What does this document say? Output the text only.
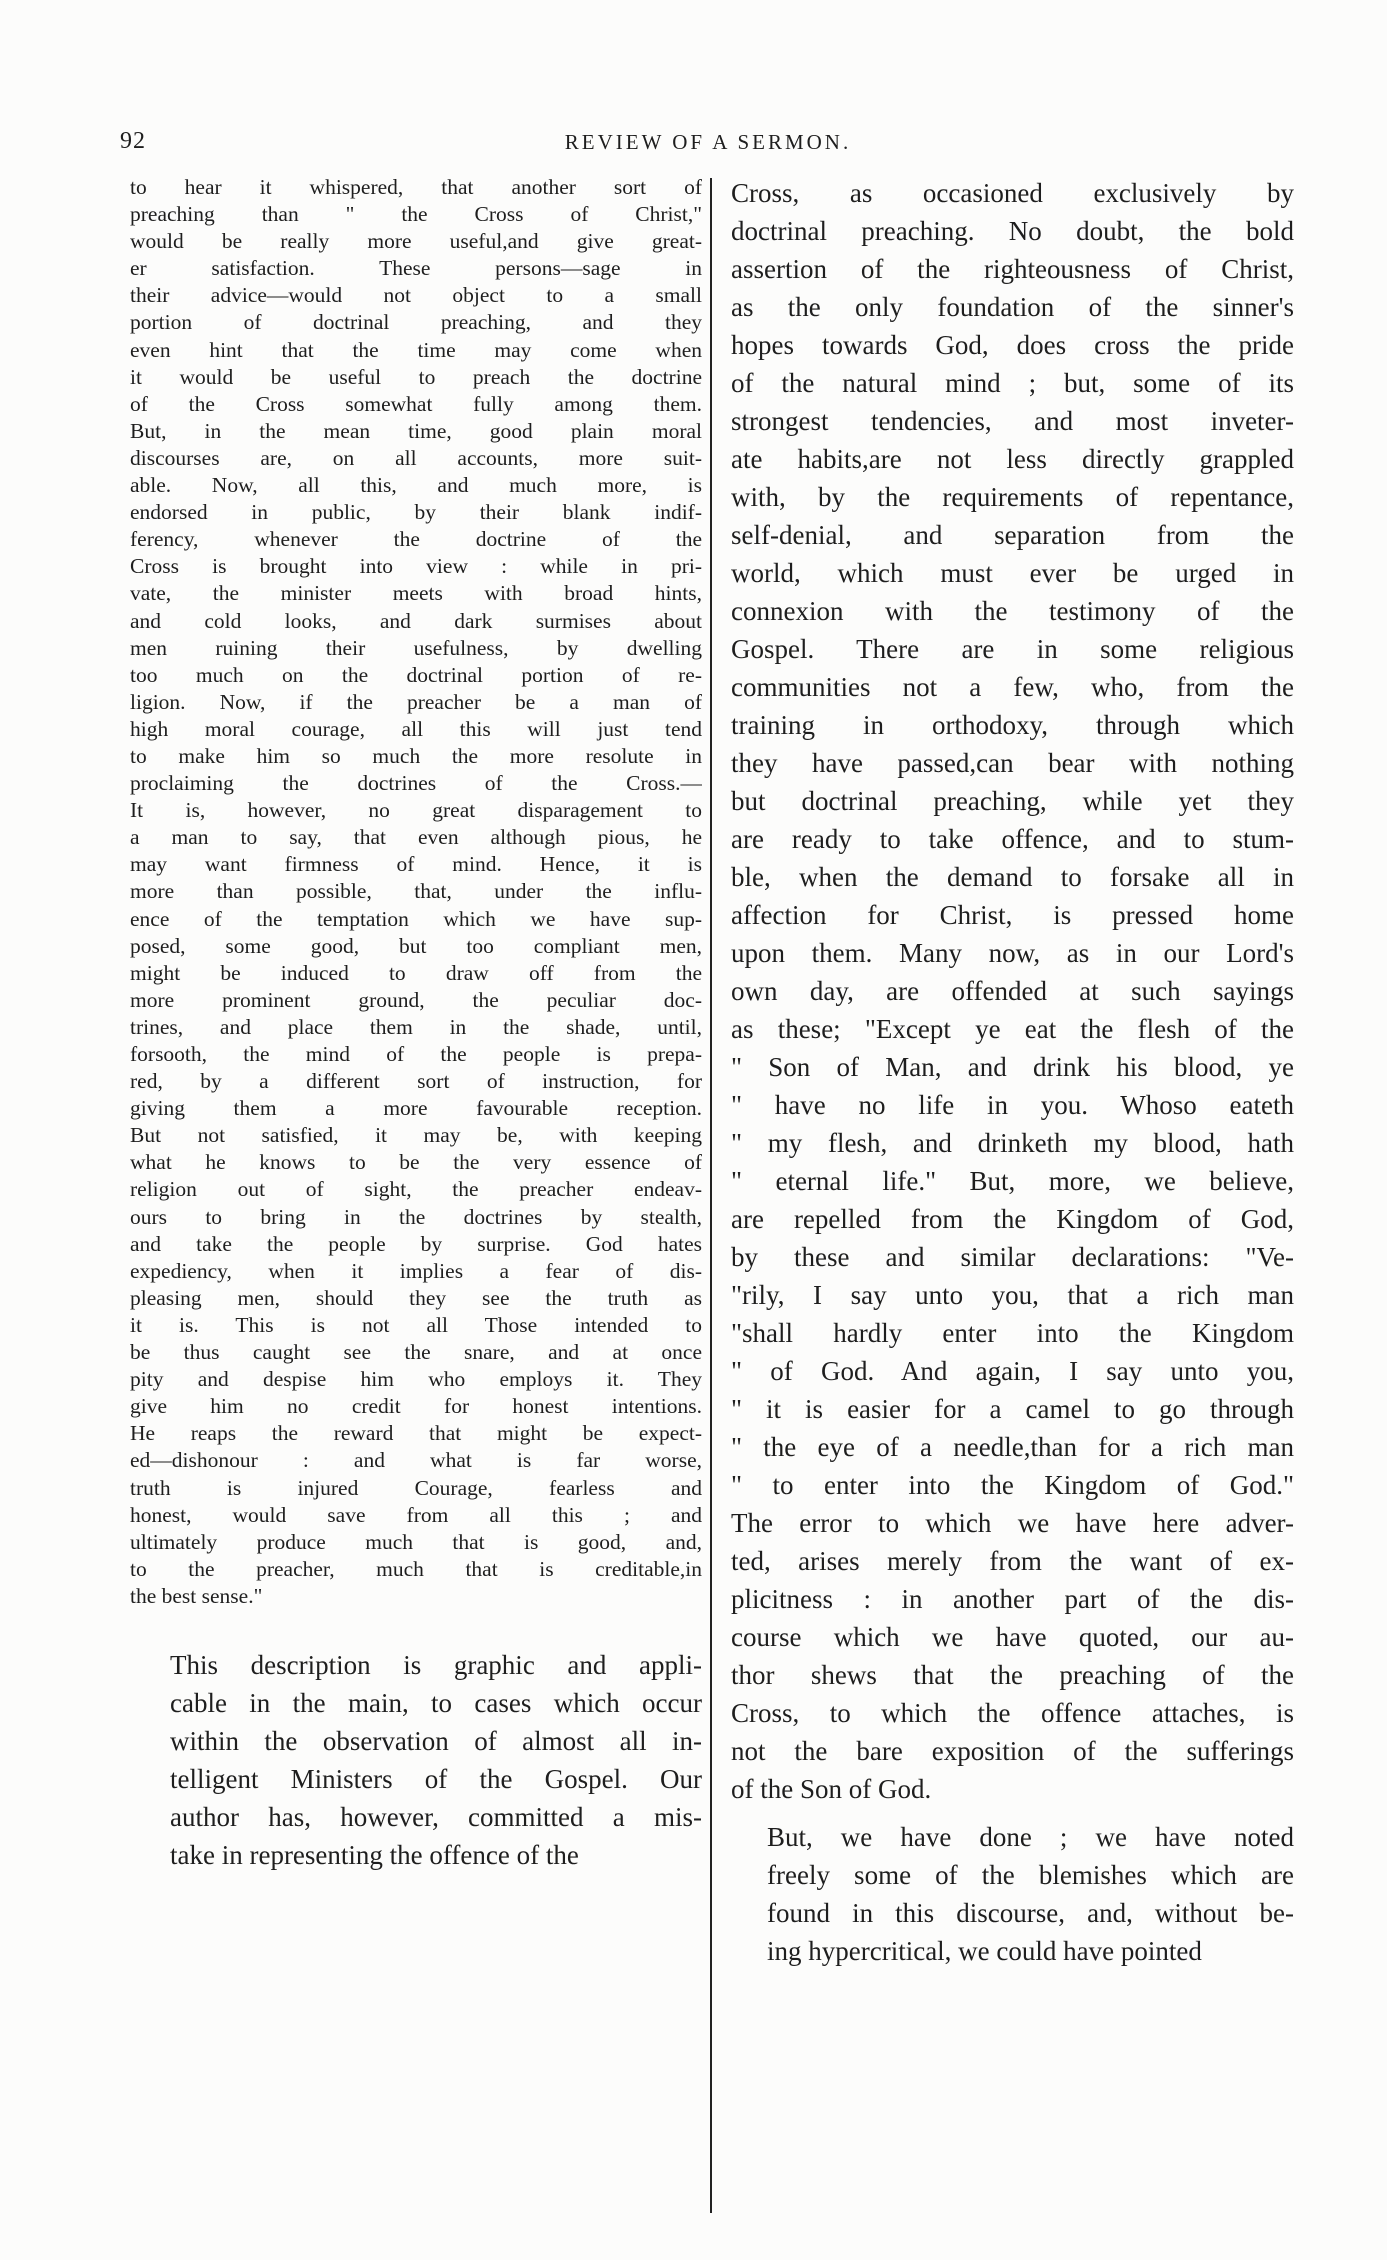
92	REVIEW OF A SERMON.
to hear it whispered, that another sort of
preaching than " the Cross of Christ,"
would be really more useful,and give great-
er satisfaction. These persons—sage in
their advice—would not object to a small
portion of doctrinal preaching, and they
even hint that the time may come when
it would be useful to preach the doctrine
of the Cross somewhat fully among them.
But, in the mean time, good plain moral
discourses are, on all accounts, more suit-
able. Now, all this, and much more, is
endorsed in public, by their blank indif-
ferency, whenever the doctrine of the
Cross is brought into view : while in pri-
vate, the minister meets with broad hints,
and cold looks, and dark surmises about
men ruining their usefulness, by dwelling
too much on the doctrinal portion of re-
ligion. Now, if the preacher be a man of
high moral courage, all this will just tend
to make him so much the more resolute in
proclaiming the doctrines of the Cross.—
It is, however, no great disparagement to
a man to say, that even although pious, he
may want firmness of mind. Hence, it is
more than possible, that, under the influ-
ence of the temptation which we have sup-
posed, some good, but too compliant men,
might be induced to draw off from the
more prominent ground, the peculiar doc-
trines, and place them in the shade, until,
forsooth, the mind of the people is prepa-
red, by a different sort of instruction, for
giving them a more favourable reception.
But not satisfied, it may be, with keeping
what he knows to be the very essence of
religion out of sight, the preacher endeav-
ours to bring in the doctrines by stealth,
and take the people by surprise. God hates
expediency, when it implies a fear of dis-
pleasing men, should they see the truth as
it is. This is not all Those intended to
be thus caught see the snare, and at once
pity and despise him who employs it. They
give him no credit for honest intentions.
He reaps the reward that might be expect-
ed—dishonour : and what is far worse,
truth is injured Courage, fearless and
honest, would save from all this ; and
ultimately produce much that is good, and,
to the preacher, much that is creditable,in
the best sense."
This description is graphic and appli-
cable in the main, to cases which occur
within the observation of almost all in-
telligent Ministers of the Gospel. Our
author has, however, committed a mis-
take in representing the offence of the
Cross, as occasioned exclusively by
doctrinal preaching. No doubt, the bold
assertion of the righteousness of Christ,
as the only foundation of the sinner's
hopes towards God, does cross the pride
of the natural mind ; but, some of its
strongest tendencies, and most inveter-
ate habits,are not less directly grappled
with, by the requirements of repentance,
self-denial, and separation from the
world, which must ever be urged in
connexion with the testimony of the
Gospel. There are in some religious
communities not a few, who, from the
training in orthodoxy, through which
they have passed,can bear with nothing
but doctrinal preaching, while yet they
are ready to take offence, and to stum-
ble, when the demand to forsake all in
affection for Christ, is pressed home
upon them. Many now, as in our Lord's
own day, are offended at such sayings
as these; "Except ye eat the flesh of the
" Son of Man, and drink his blood, ye
" have no life in you. Whoso eateth
" my flesh, and drinketh my blood, hath
" eternal life." But, more, we believe,
are repelled from the Kingdom of God,
by these and similar declarations: "Ve-
"rily, I say unto you, that a rich man
"shall hardly enter into the Kingdom
" of God. And again, I say unto you,
" it is easier for a camel to go through
" the eye of a needle,than for a rich man
" to enter into the Kingdom of God."
The error to which we have here adver-
ted, arises merely from the want of ex-
plicitness : in another part of the dis-
course which we have quoted, our au-
thor shews that the preaching of the
Cross, to which the offence attaches, is
not the bare exposition of the sufferings
of the Son of God.
But, we have done ; we have noted
freely some of the blemishes which are
found in this discourse, and, without be-
ing hypercritical, we could have pointed
